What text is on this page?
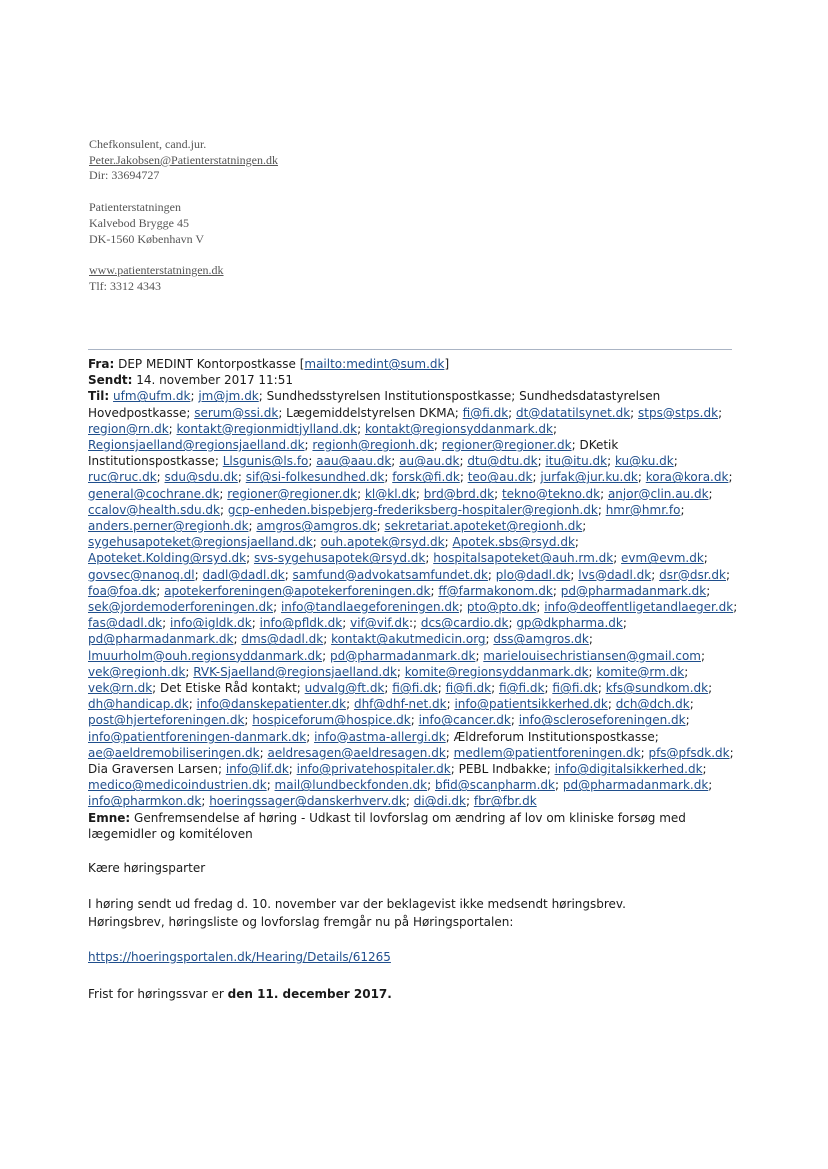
Chefkonsulent, cand.jur.
Peter.Jakobsen@Patienterstatningen.dk
Dir: 33694727
Patienterstatningen
Kalvebod Brygge 45
DK-1560 København V
www.patienterstatningen.dk
Tlf: 3312 4343
Fra: DEP MEDINT Kontorpostkasse [mailto:medint@sum.dk]
Sendt: 14. november 2017 11:51
Til: ufm@ufm.dk; jm@jm.dk; Sundhedsstyrelsen Institutionspostkasse; Sundhedsdatastyrelsen
Hovedpostkasse; serum@ssi.dk; Lægemiddelstyrelsen DKMA; fi@fi.dk; dt@datatilsynet.dk; stps@stps.dk;
region@rn.dk; kontakt@regionmidtjylland.dk; kontakt@regionsyddanmark.dk;
Regionsjaelland@regionsjaelland.dk; regionh@regionh.dk; regioner@regioner.dk; DKetik
Institutionspostkasse; Llsgunis@ls.fo; aau@aau.dk; au@au.dk; dtu@dtu.dk; itu@itu.dk; ku@ku.dk;
ruc@ruc.dk; sdu@sdu.dk; sif@si-folkesundhed.dk; forsk@fi.dk; teo@au.dk; jurfak@jur.ku.dk; kora@kora.dk;
general@cochrane.dk; regioner@regioner.dk; kl@kl.dk; brd@brd.dk; tekno@tekno.dk; anjor@clin.au.dk;
ccalov@health.sdu.dk; gcp-enheden.bispebjerg-frederiksberg-hospitaler@regionh.dk; hmr@hmr.fo;
anders.perner@regionh.dk; amgros@amgros.dk; sekretariat.apoteket@regionh.dk;
sygehusapoteket@regionsjaelland.dk; ouh.apotek@rsyd.dk; Apotek.sbs@rsyd.dk;
Apoteket.Kolding@rsyd.dk; svs-sygehusapotek@rsyd.dk; hospitalsapoteket@auh.rm.dk; evm@evm.dk;
govsec@nanoq.dl; dadl@dadl.dk; samfund@advokatsamfundet.dk; plo@dadl.dk; lvs@dadl.dk; dsr@dsr.dk;
foa@foa.dk; apotekerforeningen@apotekerforeningen.dk; ff@farmakonom.dk; pd@pharmadanmark.dk;
sek@jordemoderforeningen.dk; info@tandlaegeforeningen.dk; pto@pto.dk; info@deoffentligetandlaeger.dk;
fas@dadl.dk; info@igldk.dk; info@pfldk.dk; vif@vif.dk:; dcs@cardio.dk; gp@dkpharma.dk;
pd@pharmadanmark.dk; dms@dadl.dk; kontakt@akutmedicin.org; dss@amgros.dk;
lmuurholm@ouh.regionsyddanmark.dk; pd@pharmadanmark.dk; marielouisechristiansen@gmail.com;
vek@regionh.dk; RVK-Sjaelland@regionsjaelland.dk; komite@regionsyddanmark.dk; komite@rm.dk;
vek@rn.dk; Det Etiske Råd kontakt; udvalg@ft.dk; fi@fi.dk; fi@fi.dk; fi@fi.dk; fi@fi.dk; kfs@sundkom.dk;
dh@handicap.dk; info@danskepatienter.dk; dhf@dhf-net.dk; info@patientsikkerhed.dk; dch@dch.dk;
post@hjerteforeningen.dk; hospiceforum@hospice.dk; info@cancer.dk; info@scleroseforeningen.dk;
info@patientforeningen-danmark.dk; info@astma-allergi.dk; Ældreforum Institutionspostkasse;
ae@aeldremobiliseringen.dk; aeldresagen@aeldresagen.dk; medlem@patientforeningen.dk; pfs@pfsdk.dk;
Dia Graversen Larsen; info@lif.dk; info@privatehospitaler.dk; PEBL Indbakke; info@digitalsikkerhed.dk;
medico@medicoindustrien.dk; mail@lundbeckfonden.dk; bfid@scanpharm.dk; pd@pharmadanmark.dk;
info@pharmkon.dk; hoeringssager@danskerhverv.dk; di@di.dk; fbr@fbr.dk
Emne: Genfremsendelse af høring - Udkast til lovforslag om ændring af lov om kliniske forsøg med
lægemidler og komitéloven
Kære høringsparter
I høring sendt ud fredag d. 10. november var der beklagevist ikke medsendt høringsbrev.
Høringsbrev, høringsliste og lovforslag fremgår nu på Høringsportalen:
https://hoeringsportalen.dk/Hearing/Details/61265
Frist for høringssvar er den 11. december 2017.
